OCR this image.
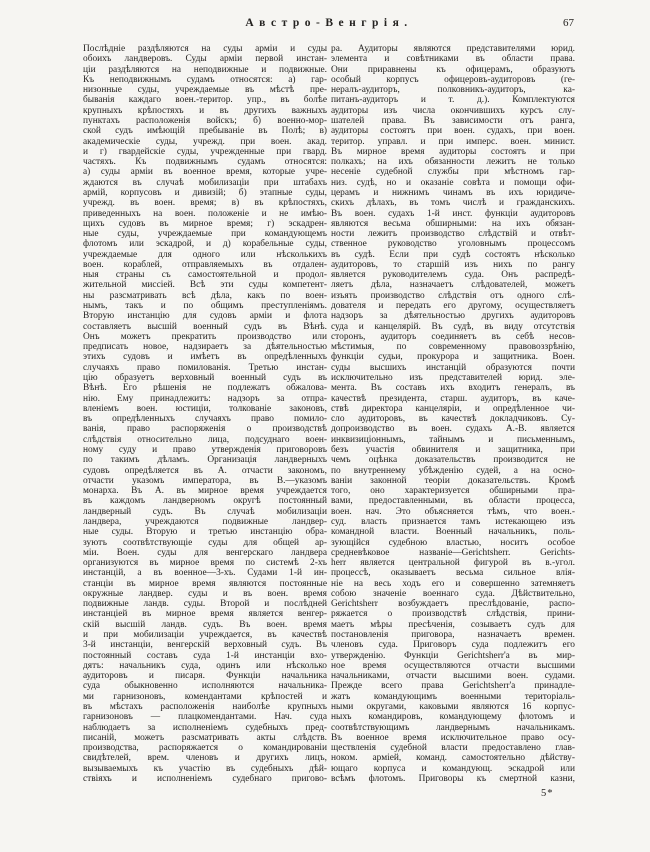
Австро-Венгрія.	67
Послѣдніе раздѣляются на суды арміи и суды
обоихъ ландверовъ. Суды арміи первой инстан-
ціи раздѣляются на неподвижные и подвижные.
Къ неподвижнымъ судамъ относятся: а) гар-
низонные суды, учреждаемые въ мѣстѣ пре-
быванія каждаго воен.-територ. упр., въ болѣе
крупныхъ крѣпостяхъ и въ другихъ важныхъ
пунктахъ расположенія войскъ; б) военно-мор-
ской судъ имѣющій пребываніе въ Полѣ; в)
академическіе суды, учрежд. при воен. акад.
и г) гвардейскіе суды, учрежденные при гвард.
частяхъ. Къ подвижнымъ судамъ относятся:
а) суды арміи въ военное время, которые учре-
ждаются въ случаѣ мобилизаціи при штабахъ
армій, корпусовъ и дивизій; б) этапные суды,
учрежд. въ воен. время; в) въ крѣпостяхъ,
приведенныхъ на воен. положеніе и не имѣю-
щихъ судовъ въ мирное время; г) эскадрен-
ные суды, учреждаемые при командующемъ
флотомъ или эскадрой, и д) корабельные суды,
учреждаемые для одного или нѣсколькихъ
воен. кораблей, отправляемыхъ въ отдален-
ныя страны съ самостоятельной и продол-
жительной миссіей. Всѣ эти суды компетент-
ны разсматривать всѣ дѣла, какъ по воен-
нымъ, такъ и по общимъ преступленіямъ.
Вторую инстанцію для судовъ арміи и флота
составляетъ высшій военный судъ въ Вѣнѣ.
Онъ можетъ прекратить производство или
предписать новое, надзираетъ за дѣятельностью
этихъ судовъ и имѣетъ въ опредѣленныхъ
случаяхъ право помилованія. Третью инстан-
цію образуетъ верховный военный судъ въ
Вѣнѣ. Его рѣшенія не подлежатъ обжалова-
нію. Ему принадлежитъ: надзоръ за отпра-
вленіемъ воен. юстиціи, толкованіе законовъ,
въ опредѣленныхъ случаяхъ право помило-
ванія, право распоряженія о производствѣ
слѣдствія относительно лица, подсуднаго воен-
ному суду и право утвержденія приговоровъ
по такимъ дѣламъ. Организація ландверныхъ
судовъ опредѣляется въ А. отчасти закономъ,
отчасти указомъ императора, въ В.—указомъ
монарха. Въ А. въ мирное время учреждается
въ каждомъ ландверномъ округѣ постоянный
ландверный судъ. Въ случаѣ мобилизаціи
ландвера, учреждаются подвижные ландвер-
ные суды. Вторую и третью инстанцію обра-
зуютъ соотвѣтствующіе суды для общей ар-
міи. Воен. суды для венгерскаго ландвера
организуются въ мирное время по системѣ 2-хъ
инстанцій, а въ военное—3-хъ. Судами 1-й ин-
станціи въ мирное время являются постоянные
окружные ландвер. суды и въ воен. время
подвижные ландв. суды. Второй и послѣдней
инстанціей въ мирное время является венгер-
скій высшій ландв. судъ. Въ воен. время
и при мобилизаціи учреждается, въ качествѣ
3-й инстанціи, венгерскій верховный судъ. Въ
постоянный составъ суда 1-й инстанціи вхо-
дятъ: начальникъ суда, одинъ или нѣсколько
аудиторовъ и писаря. Функціи начальника
суда обыкновенно исполняются начальника-
ми гарнизоновъ, комендантами крѣпостей и
въ мѣстахъ расположенія наиболѣе крупныхъ
гарнизоновъ — плацкомендантами. Нач. суда
наблюдаетъ за исполненіемъ судебныхъ пред-
писаній, можетъ разсматривать акты слѣдств.
производства, распоряжается о командированіи
свидѣтелей, врем. членовъ и другихъ лицъ,
вызываемыхъ къ участію въ судебныхъ дѣй-
ствіяхъ и исполненіемъ судебнаго пригово-
ра. Аудиторы являются представителями юрид.
элемента и совѣтниками въ области права.
Они приравнены къ офицерамъ, образуютъ
особый корпусъ офицеровъ-аудиторовъ (ге-
нералъ-аудиторъ, полковникъ-аудиторъ, ка-
питанъ-аудиторъ и т. д.). Комплектуются
аудиторы изъ числа окончившихъ курсъ слу-
шателей права. Въ зависимости отъ ранга,
аудиторы состоятъ при воен. судахъ, при воен.
територ. управл. и при имперс. воен. минист.
Въ мирное время аудиторы состоятъ и при
полкахъ; на ихъ обязанности лежитъ не только
несеніе судебной службы при мѣстномъ гар-
низ. судѣ, но и оказаніе совѣта и помощи офи-
церамъ и нижнимъ чинамъ въ ихъ юридиче-
скихъ дѣлахъ, въ томъ числѣ и гражданскихъ.
Въ воен. судахъ 1-й инст. функціи аудиторовъ
являются весьма обширными: на ихъ обязан-
ности лежитъ производство слѣдствій и отвѣт-
ственное руководство уголовнымъ процессомъ
въ судѣ. Если при судѣ состоятъ нѣсколько
аудиторовъ, то старшій изъ нихъ по рангу
является руководителемъ суда. Онъ распредѣ-
ляетъ дѣла, назначаетъ слѣдователей, можетъ
изъять производство слѣдствія отъ одного слѣ-
дователя и передать его другому, осуществляетъ
надзоръ за дѣятельностью другихъ аудиторовъ
суда и канцелярій. Въ судѣ, въ виду отсутствія
сторонъ, аудиторъ соединяетъ въ себѣ несов-
мѣстимыя, по современному правовоззрѣнію,
функціи судьи, прокурора и защитника. Воен.
суды высшихъ инстанцій образуются почти
исключительно изъ представителей юрид. эле-
мента. Въ составъ ихъ входитъ генералъ, въ
качествѣ президента, старш. аудиторъ, въ каче-
ствѣ директора канцеляріи, и опредѣленное чи-
сло аудиторовъ, въ качествѣ докладчиковъ. Су-
допроизводство въ воен. судахъ А.-В. является
инквизиціоннымъ, тайнымъ и письменнымъ,
безъ участія обвинителя и защитника, при
чемъ оцѣнка доказательствъ производится не
по внутреннему убѣжденію судей, а на осно-
ваніи законной теоріи доказательствъ. Кромѣ
того, оно характеризуется обширными пра-
вами, предоставленными, въ области процесса,
воен. нач. Это объясняется тѣмъ, что воен.-
суд. власть признается тамъ истекающею изъ
командной власти. Военный начальникъ, поль-
зующійся судебною властью, носитъ особое
средневѣковое названіе—Gerichtsherr. Gerichts-
herr является центральной фигурой въ в.-угол.
процессѣ, оказываетъ весьма сильное влія-
ніе на весь ходъ его и совершенно затемняетъ
собою значеніе военнаго суда. Дѣйствительно,
Gerichtsherr возбуждаетъ преслѣдованіе, распо-
ряжается о производствѣ слѣдствія, прини-
маетъ мѣры пресѣченія, созываетъ судъ для
постановленія приговора, назначаетъ времен.
членовъ суда. Приговоръ суда подлежитъ его
утвержденію. Функціи Gerichtsherr'а въ мир-
ное время осуществляются отчасти высшими
начальниками, отчасти высшими воен. судами.
Прежде всего права Gerichtsherr'а принадле-
жатъ командующимъ военными територіаль-
ными округами, каковыми являются 16 корпус-
ныхъ командировъ, командующему флотомъ и
соотвѣтствующимъ ландвернымъ начальникамъ.
Въ военное время исключительное право осу-
ществленія судебной власти предоставлено глав-
ноком. арміей, команд. самостоятельно дѣйству-
ющаго корпуса и командующ. эскадрой или
всѣмъ флотомъ. Приговоры къ смертной казни,
5*
